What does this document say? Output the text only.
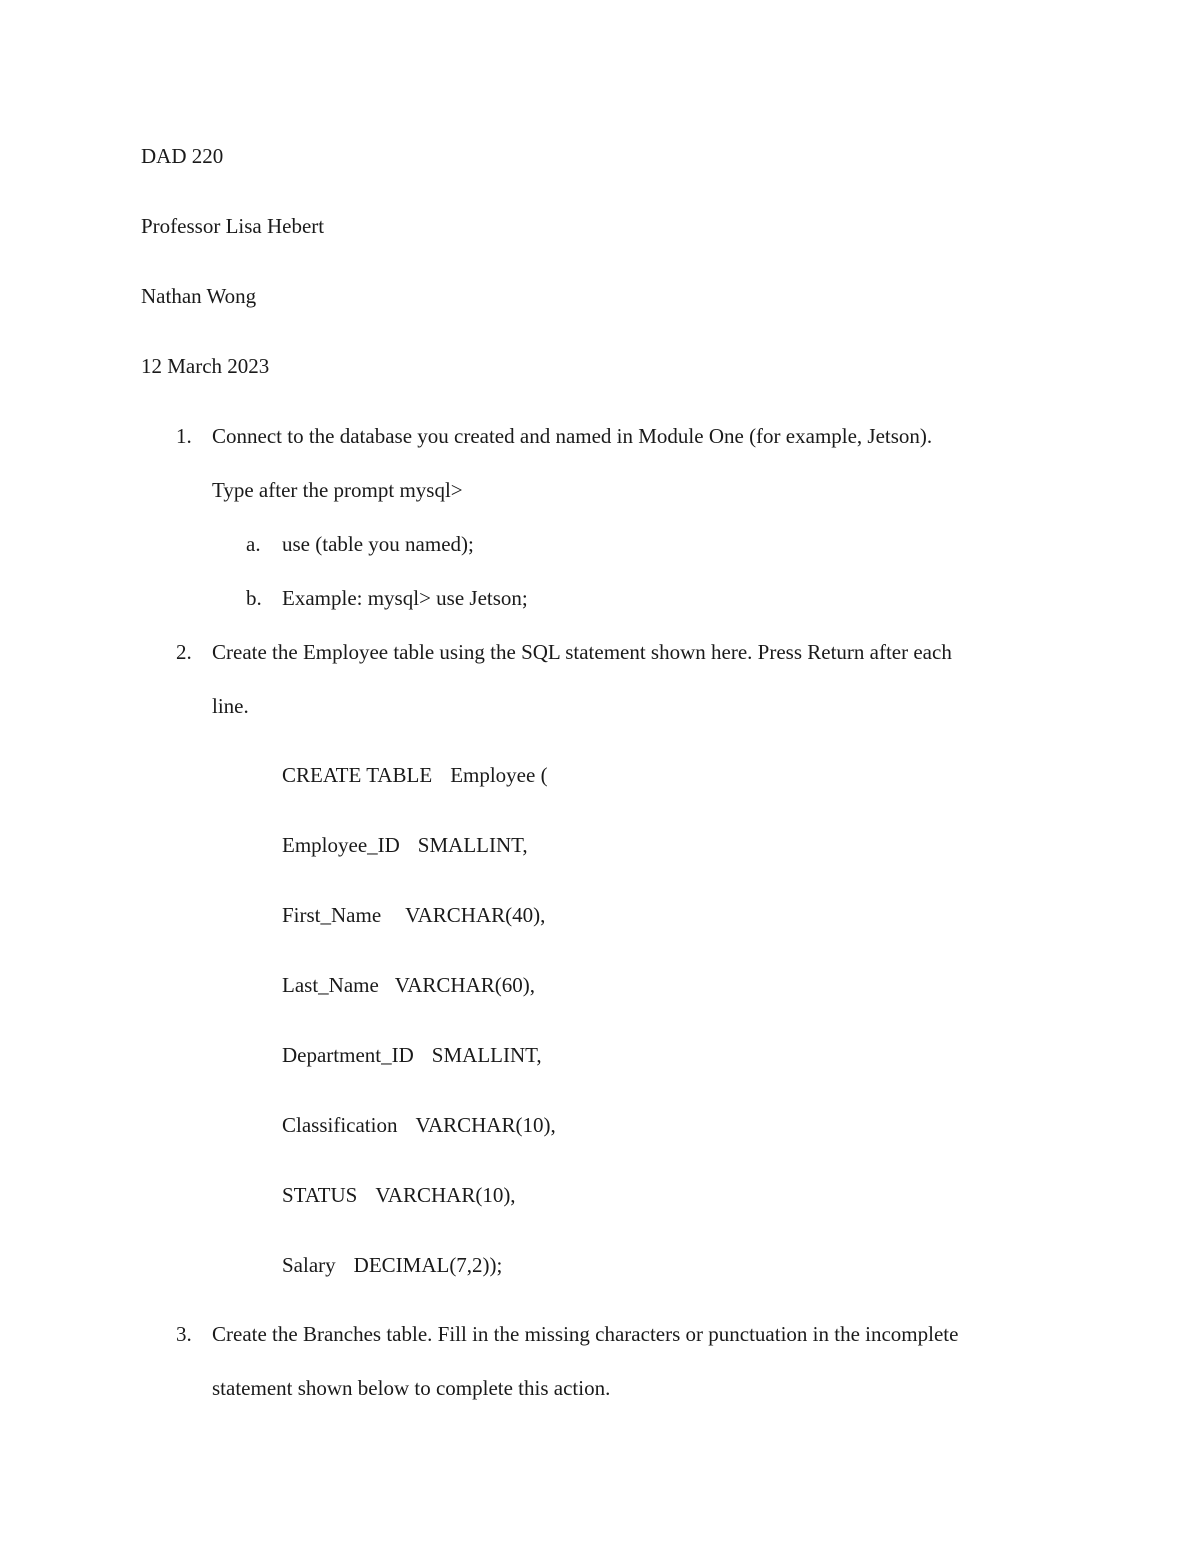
DAD 220
Professor Lisa Hebert
Nathan Wong
12 March 2023
1. Connect to the database you created and named in Module One (for example, Jetson).
Type after the prompt mysql>
a. use (table you named);
b. Example: mysql> use Jetson;
2. Create the Employee table using the SQL statement shown here. Press Return after each
line.
CREATE TABLE Employee (
Employee_ID SMALLINT,
First_Name VARCHAR(40),
Last_Name VARCHAR(60),
Department_ID SMALLINT,
Classification VARCHAR(10),
STATUS VARCHAR(10),
Salary DECIMAL(7,2));
3. Create the Branches table. Fill in the missing characters or punctuation in the incomplete
statement shown below to complete this action.
